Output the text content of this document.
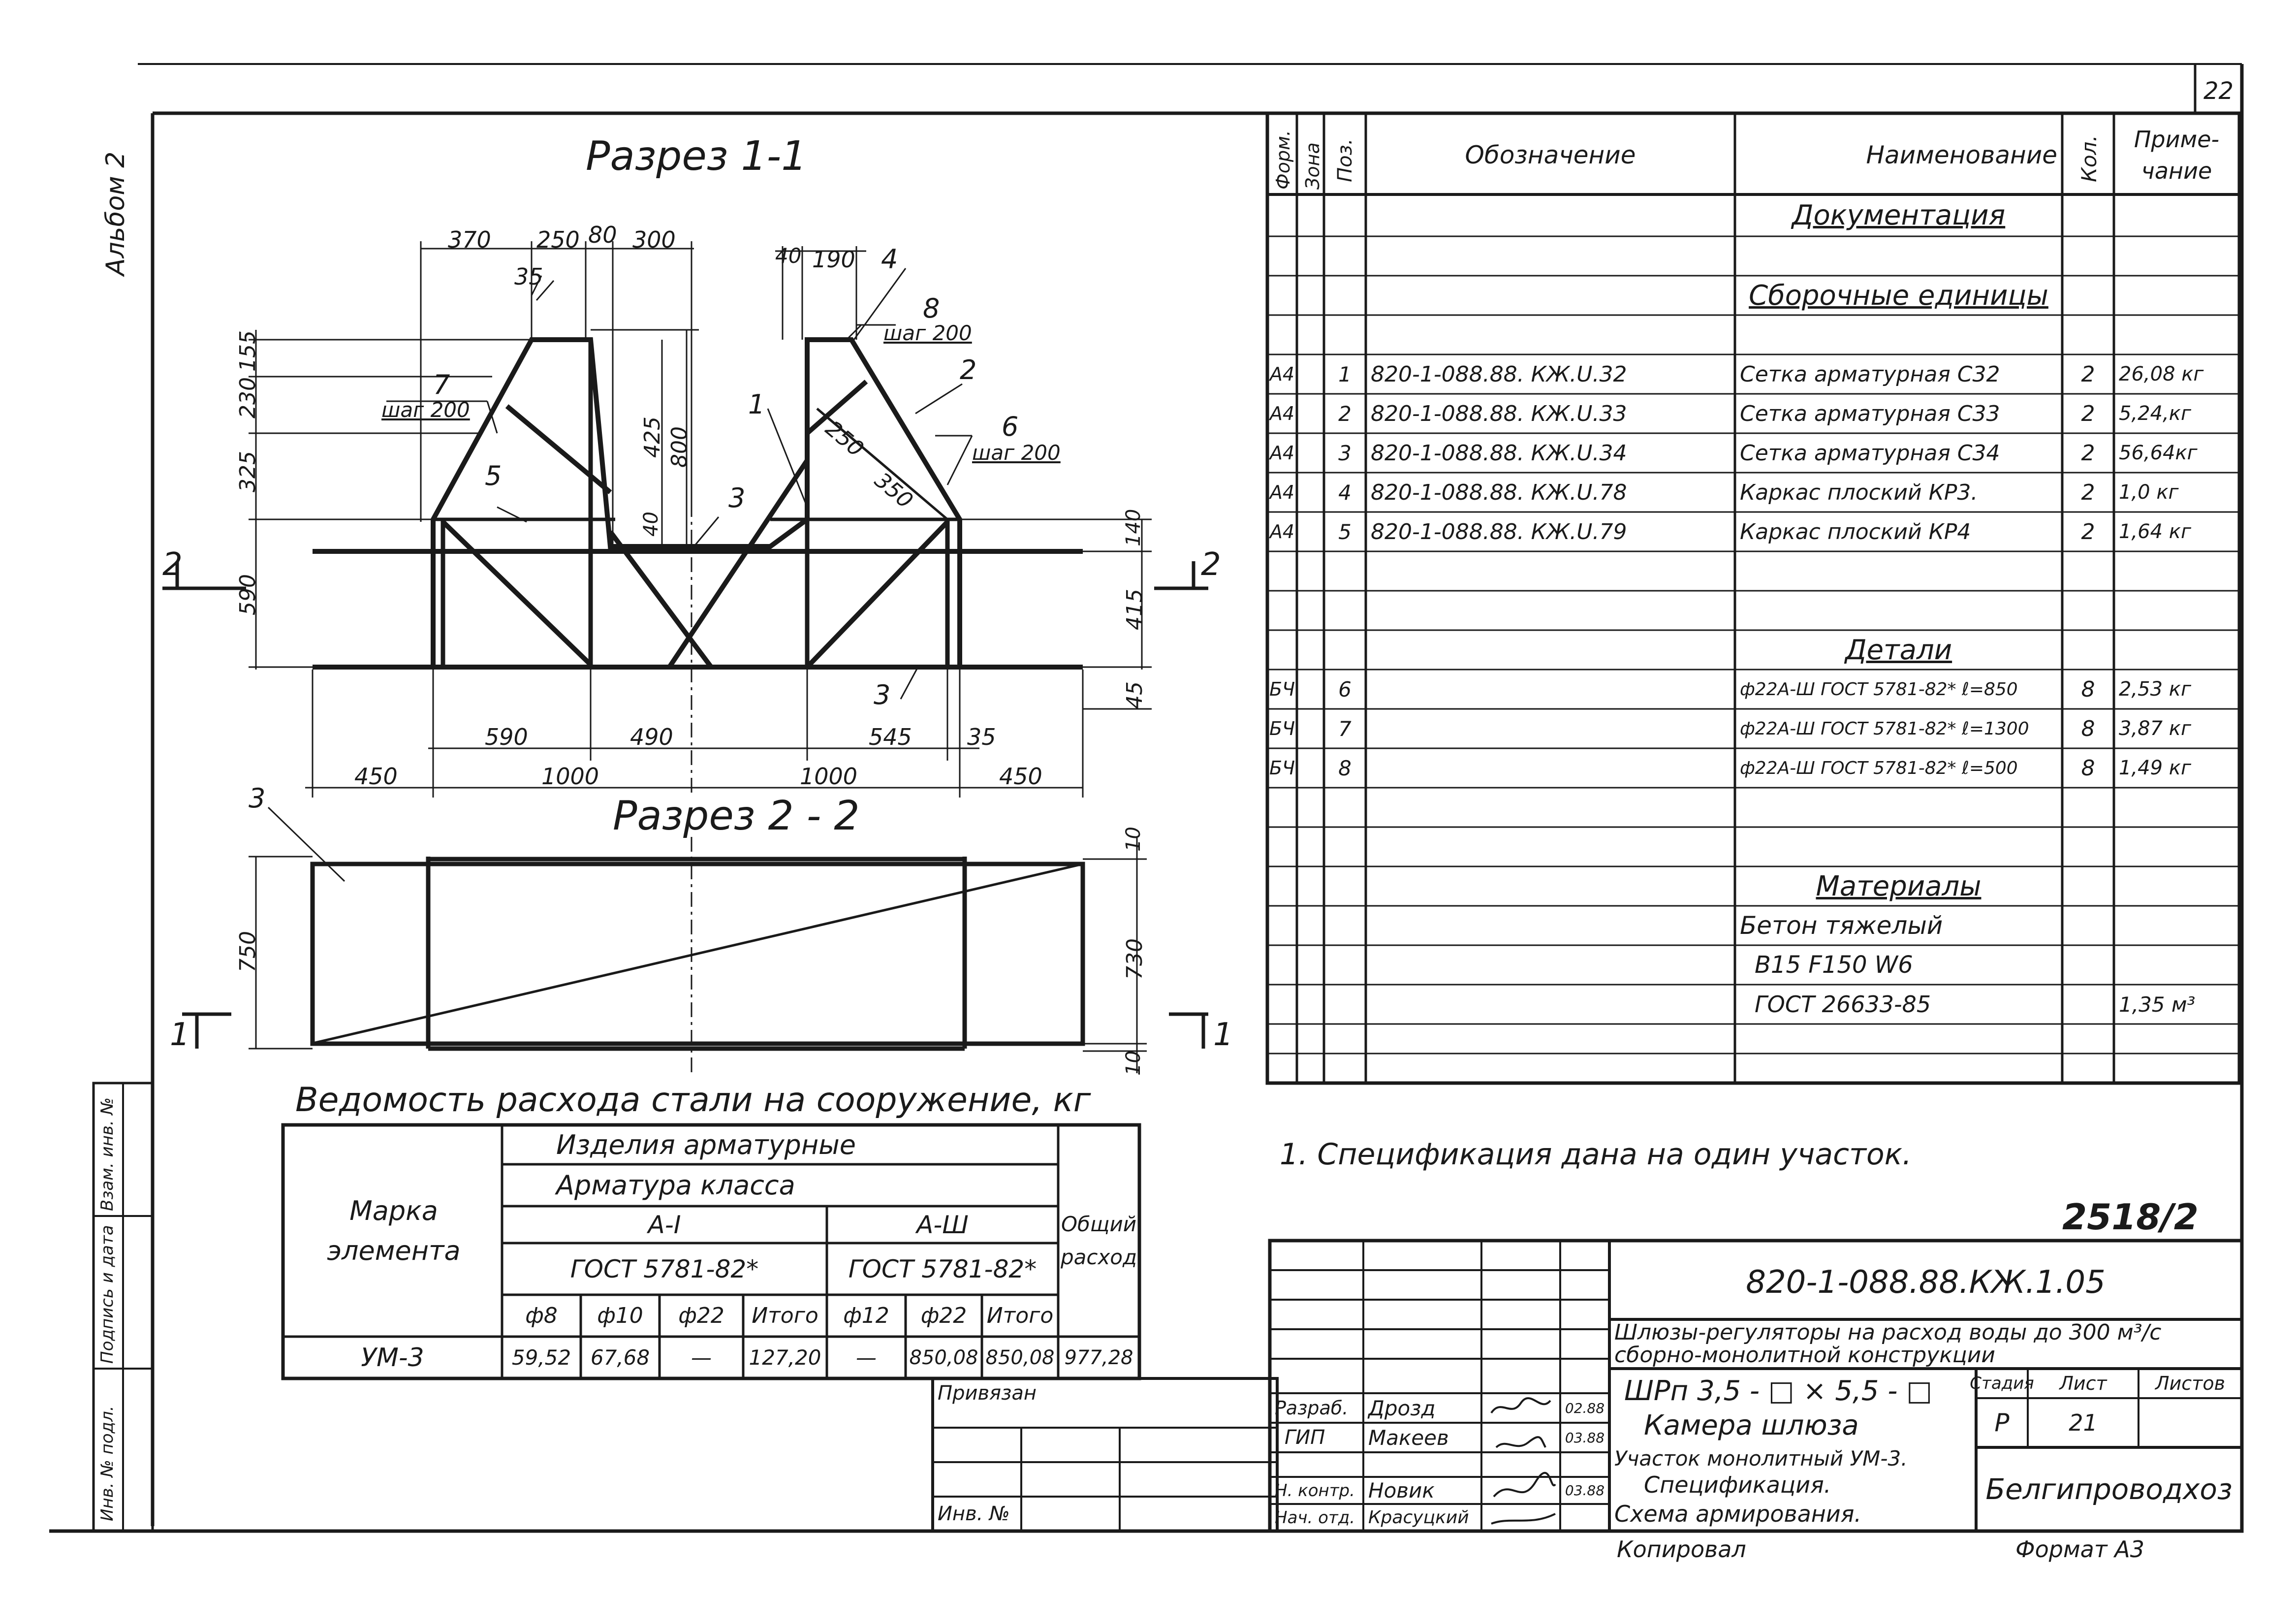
22
Альбом 2	Разрез 1-1
370 250 80 300
40 190
35
155
230
325
590
425 800
40
250
350
140
415
45
590	490	545 35
450	1000	1000	450
2	2
7
шаг 200
5
1
3
4
8
шаг 200
2
6
шаг 200
3
Разрез 2 - 2
3
750
10
730
10
1	1
Форм. Зона Поз.	Обозначение	Наименование Кол.	Приме-чание
Документация
Сборочные единицы
А4	1 820-1-088.88. КЖ.U.32	Сетка арматурная С32	2	26,08 кг
А4	2 820-1-088.88. КЖ.U.33	Сетка арматурная С33	2	5,24,кг
А4	3 820-1-088.88. КЖ.U.34	Сетка арматурная С34	2	56,64кг
А4	4 820-1-088.88. КЖ.U.78	Каркас плоский КР3.	2	1,0 кг
А4	5 820-1-088.88. КЖ.U.79	Каркас плоский КР4	2	1,64 кг
Детали
БЧ	6	ф22А-Ш ГОСТ 5781-82* ℓ=850	8	2,53 кг
БЧ	7	ф22А-Ш ГОСТ 5781-82* ℓ=1300	8	3,87 кг
БЧ	8	ф22А-Ш ГОСТ 5781-82* ℓ=500	8	1,49 кг
Материалы
Бетон тяжелый
В15 F150 W6
ГОСТ 26633-85	1,35 м³
1. Спецификация дана на один участок.
2518/2
Ведомость расхода стали на сооружение, кг
Марка элемента
Изделия арматурные
Арматура класса
А-I	А-Ш
ГОСТ 5781-82*	ГОСТ 5781-82*
Общий расход
ф8	ф10	ф22	Итого	ф12	ф22 Итого
УМ-3	59,52 67,68	—	127,20	—	850,08 850,08 977,28
Привязан
Инв. №
Взам. инв. №
Подпись и дата
Инв. № подл.
820-1-088.88.КЖ.1.05
Шлюзы-регуляторы на расход воды до 300 м³/с сборно-монолитной конструкции
ШРп 3,5 - □ × 5,5 - □
Камера шлюза
Участок монолитный УМ-3.
Спецификация.
Схема армирования.
Стадия	Лист	Листов
Р	21
Белгипроводхоз
Разраб. Дрозд	02.88
ГИП	Макеев	03.88
Н. контр. Новик	03.88
Нач. отд. Красуцкий
Копировал	Формат А3
